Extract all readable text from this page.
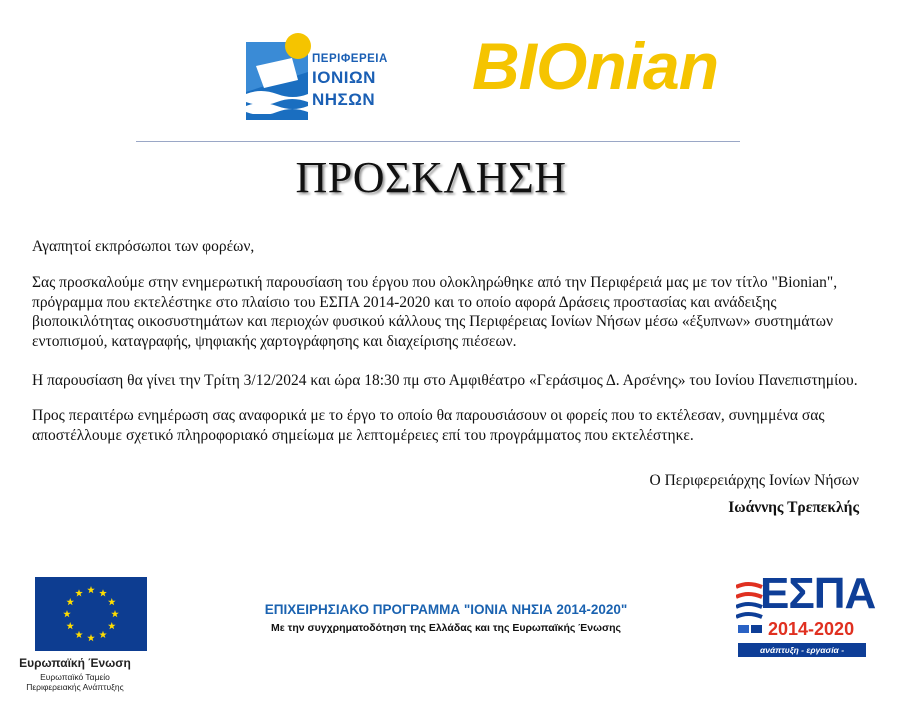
ΠΕΡΙΦΕΡΕΙΑ
ΙΟΝΙΩΝ
ΝΗΣΩΝ BIOnian
ΠΡΟΣΚΛΗΣΗ
Αγαπητοί εκπρόσωποι των φορέων,
Σας προσκαλούμε στην ενημερωτική παρουσίαση του έργου που ολοκληρώθηκε από την Περιφέρειά μας με τον τίτλο "Bionian", πρόγραμμα που εκτελέστηκε στο πλαίσιο του ΕΣΠΑ 2014-2020 και το οποίο αφορά Δράσεις προστασίας και ανάδειξης βιοποικιλότητας οικοσυστημάτων και περιοχών φυσικού κάλλους της Περιφέρειας Ιονίων Νήσων μέσω «έξυπνων» συστημάτων εντοπισμού, καταγραφής, ψηφιακής χαρτογράφησης και διαχείρισης πιέσεων.
Η παρουσίαση θα γίνει την Τρίτη 3/12/2024 και ώρα 18:30 πμ στο Αμφιθέατρο «Γεράσιμος Δ. Αρσένης» του Ιονίου Πανεπιστημίου.
Προς περαιτέρω ενημέρωση σας αναφορικά με το έργο το οποίο θα παρουσιάσουν οι φορείς που το εκτέλεσαν, συνημμένα σας αποστέλλουμε σχετικό πληροφοριακό σημείωμα με λεπτομέρειες επί του προγράμματος που εκτελέστηκε.
Ο Περιφερειάρχης Ιονίων Νήσων
Ιωάννης Τρεπεκλής
Ευρωπαϊκή Ένωση
Ευρωπαϊκό Ταμείο
Περιφερειακής Ανάπτυξης
ΕΠΙΧΕΙΡΗΣΙΑΚΟ ΠΡΟΓΡΑΜΜΑ "ΙΟΝΙΑ ΝΗΣΙΑ 2014-2020"
Με την συγχρηματοδότηση της Ελλάδας και της Ευρωπαϊκής Ένωσης
ΕΣΠΑ
2014-2020
ανάπτυξη - εργασία - αλληλεγγύη
